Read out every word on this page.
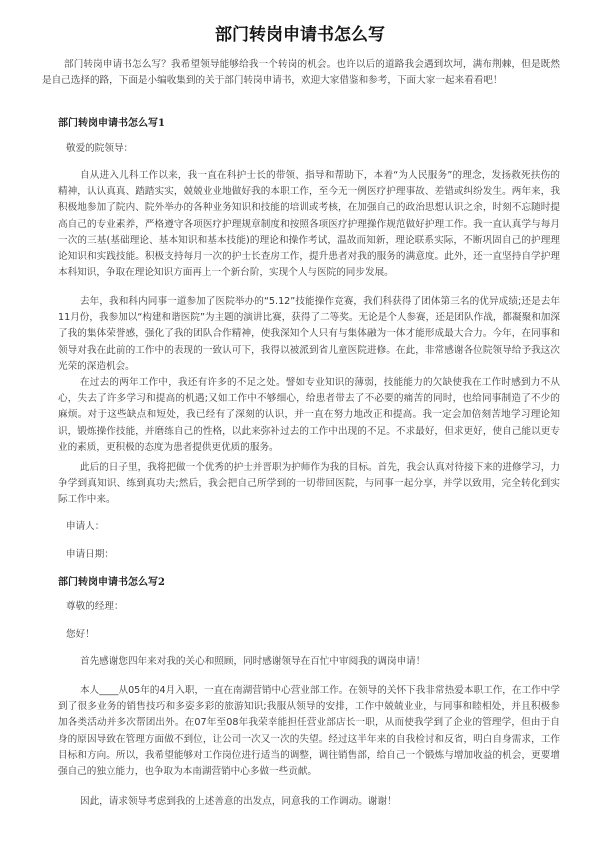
部门转岗申请书怎么写

部门转岗申请书怎么写？我希望领导能够给我一个转岗的机会。也许以后的道路我会遇到坎坷，满布荆棘，但是既然是自己选择的路，下面是小编收集到的关于部门转岗申请书，欢迎大家借鉴和参考，下面大家一起来看看吧！

部门转岗申请书怎么写1

敬爱的院领导：

自从进入儿科工作以来，我一直在科护士长的带领、指导和帮助下，本着“为人民服务”的理念，发扬救死扶伤的精神，认认真真、踏踏实实，兢兢业业地做好我的本职工作，至今无一例医疗护理事故、差错或纠纷发生。两年来，我积极地参加了院内、院外举办的各种业务知识和技能的培训或考核，在加强自己的政治思想认识之余，时刻不忘随时提高自己的专业素养，严格遵守各项医疗护理规章制度和按照各项医疗护理操作规范做好护理工作。我一直认真学与每月一次的三基(基础理论、基本知识和基本技能)的理论和操作考试，温故而知新，理论联系实际，不断巩固自己的护理理论知识和实践技能。积极支持每月一次的护士长查房工作，提升患者对我的服务的满意度。此外，还一直坚持自学护理本科知识，争取在理论知识方面再上一个新台阶，实现个人与医院的同步发展。

去年，我和科内同事一道参加了医院举办的“5.12”技能操作竞赛，我们科获得了团体第三名的优异成绩;还是去年11月份，我参加以“构建和谐医院”为主题的演讲比赛，获得了二等奖。无论是个人参赛，还是团队作战，都凝聚和加深了我的集体荣誉感，强化了我的团队合作精神，使我深知个人只有与集体融为一体才能形成最大合力。今年，在同事和领导对我在此前的工作中的表现的一致认可下，我得以被派到省儿童医院进修。在此，非常感谢各位院领导给予我这次光荣的深造机会。

在过去的两年工作中，我还有许多的不足之处。譬如专业知识的薄弱，技能能力的欠缺使我在工作时感到力不从心，失去了许多学习和提高的机遇;又如工作中不够细心，给患者带去了不必要的痛苦的同时，也给同事制造了不少的麻烦。对于这些缺点和短处，我已经有了深刻的认识，并一直在努力地改正和提高。我一定会加倍刻苦地学习理论知识，锻炼操作技能，并磨练自己的性格，以此来弥补过去的工作中出现的不足。不求最好，但求更好，使自己能以更专业的素质，更积极的态度为患者提供更优质的服务。

此后的日子里，我将把做一个优秀的护士并晋职为护师作为我的目标。首先，我会认真对待接下来的进修学习，力争学到真知识、练到真功夫;然后，我会把自己所学到的一切带回医院，与同事一起分享，并学以致用，完全转化到实际工作中来。

申请人：

申请日期：

部门转岗申请书怎么写2

尊敬的经理：

您好！

首先感谢您四年来对我的关心和照顾，同时感谢领导在百忙中审阅我的调岗申请！

本人____从05年的4月入职，一直在南湖营销中心营业部工作。在领导的关怀下我非常热爱本职工作，在工作中学到了很多业务的销售技巧和多姿多彩的旅游知识;我服从领导的安排，工作中兢兢业业，与同事和睦相处，并且积极参加各类活动并多次帮团出外。在07年至08年我荣幸能担任营业部店长一职，从而使我学到了企业的管理学，但由于自身的原因导致在管理方面做不到位，让公司一次又一次的失望。经过这半年来的自我检讨和反省，明白自身需求，工作目标和方向。所以，我希望能够对工作岗位进行适当的调整，调往销售部，给自己一个锻炼与增加收益的机会，更要增强自己的独立能力，也争取为本南湖营销中心多做一些贡献。

因此，请求领导考虑到我的上述善意的出发点，同意我的工作调动。谢谢！
